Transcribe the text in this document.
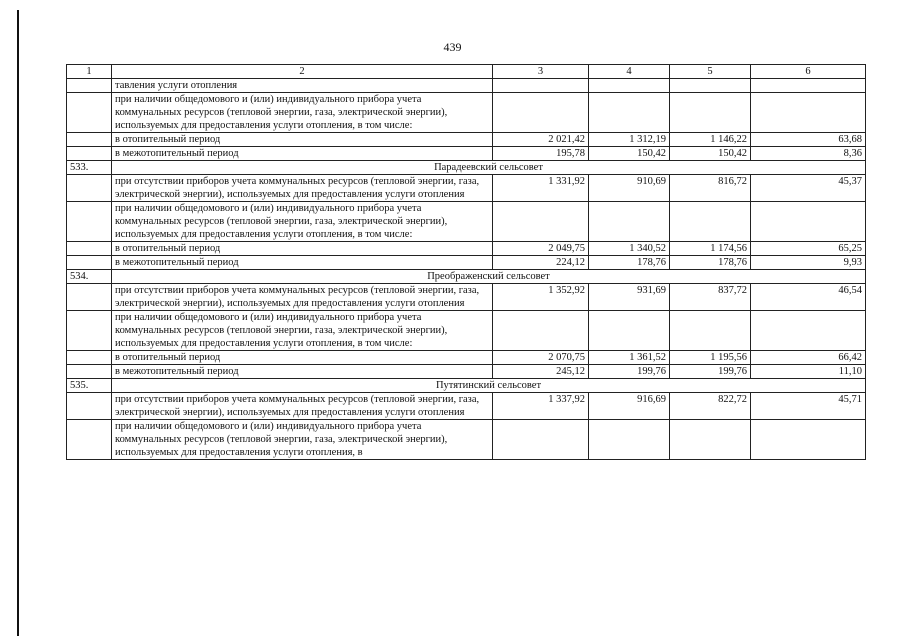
439
1	2	3	4	5	6
	тавления услуги отопления				
	при наличии общедомового и (или) индивидуального прибора учета коммунальных ресурсов (тепловой энергии, газа, электрической энергии), используемых для предоставления услуги отопления, в том числе:				
	в отопительный период	2 021,42	1 312,19	1 146,22	63,68
	в межотопительный период	195,78	150,42	150,42	8,36
533.	Парадеевский сельсовет				
	при отсутствии приборов учета коммунальных ресурсов (тепловой энергии, газа, электрической энергии), используемых для предоставления услуги отопления	1 331,92	910,69	816,72	45,37
	при наличии общедомового и (или) индивидуального прибора учета коммунальных ресурсов (тепловой энергии, газа, электрической энергии), используемых для предоставления услуги отопления, в том числе:				
	в отопительный период	2 049,75	1 340,52	1 174,56	65,25
	в межотопительный период	224,12	178,76	178,76	9,93
534.	Преображенский сельсовет				
	при отсутствии приборов учета коммунальных ресурсов (тепловой энергии, газа, электрической энергии), используемых для предоставления услуги отопления	1 352,92	931,69	837,72	46,54
	при наличии общедомового и (или) индивидуального прибора учета коммунальных ресурсов (тепловой энергии, газа, электрической энергии), используемых для предоставления услуги отопления, в том числе:				
	в отопительный период	2 070,75	1 361,52	1 195,56	66,42
	в межотопительный период	245,12	199,76	199,76	11,10
535.	Путятинский сельсовет				
	при отсутствии приборов учета коммунальных ресурсов (тепловой энергии, газа, электрической энергии), используемых для предоставления услуги отопления	1 337,92	916,69	822,72	45,71
	при наличии общедомового и (или) индивидуального прибора учета коммунальных ресурсов (тепловой энергии, газа, электрической энергии), используемых для предоставления услуги отопления, в				
